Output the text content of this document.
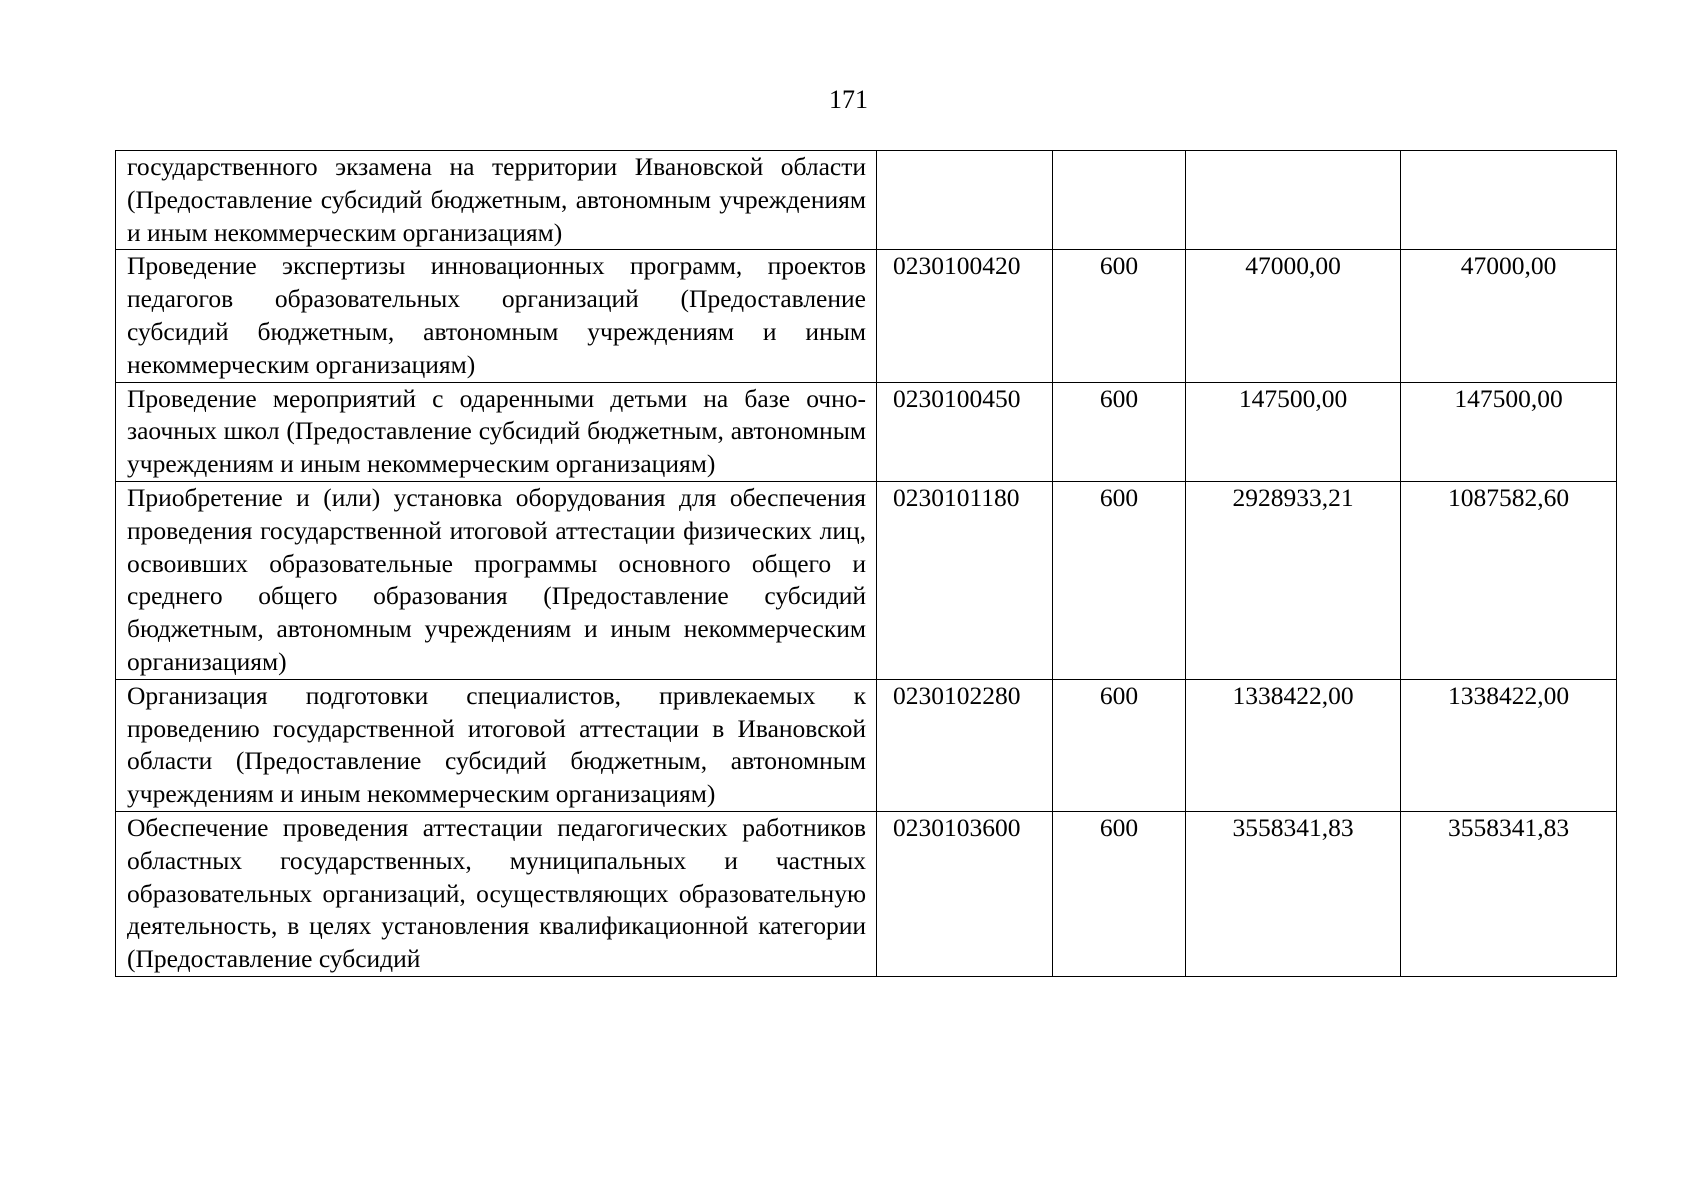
171
государственного экзамена на территории Ивановской области (Предоставление субсидий бюджетным, автономным учреждениям и иным некоммерческим организациям)				
Проведение экспертизы инновационных программ, проектов педагогов образовательных организаций (Предоставление субсидий бюджетным, автономным учреждениям и иным некоммерческим организациям)	0230100420	600	47000,00	47000,00
Проведение мероприятий с одаренными детьми на базе очно-заочных школ (Предоставление субсидий бюджетным, автономным учреждениям и иным некоммерческим организациям)	0230100450	600	147500,00	147500,00
Приобретение и (или) установка оборудования для обеспечения проведения государственной итоговой аттестации физических лиц, освоивших образовательные программы основного общего и среднего общего образования (Предоставление субсидий бюджетным, автономным учреждениям и иным некоммерческим организациям)	0230101180	600	2928933,21	1087582,60
Организация подготовки специалистов, привлекаемых к проведению государственной итоговой аттестации в Ивановской области (Предоставление субсидий бюджетным, автономным учреждениям и иным некоммерческим организациям)	0230102280	600	1338422,00	1338422,00
Обеспечение проведения аттестации педагогических работников областных государственных, муниципальных и частных образовательных организаций, осуществляющих образовательную деятельность, в целях установления квалификационной категории (Предоставление субсидий	0230103600	600	3558341,83	3558341,83
